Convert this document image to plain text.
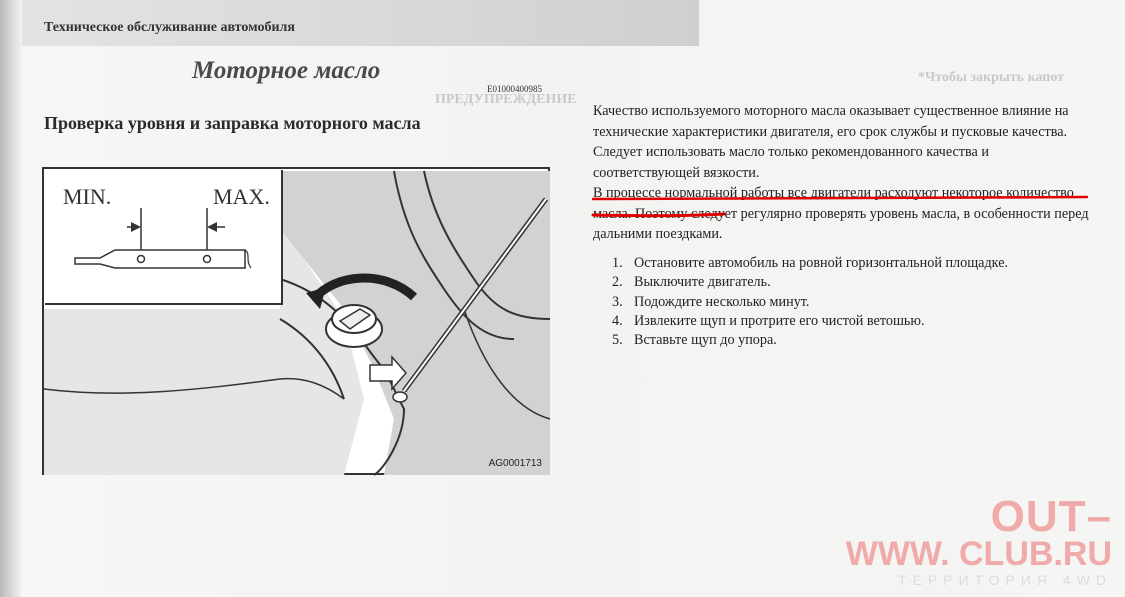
ПРЕДУПРЕЖДЕНИЕ
*Чтобы закрыть капот
Техническое обслуживание автомобиля
Моторное масло
E01000400985
Проверка уровня и заправка моторного масла
MIN.	MAX.
AG0001713

Качество используемого моторного масла оказывает существенное влияние на технические характеристики двигателя, его срок службы и пусковые качества. Следует использовать масло только рекомендованного качества и соответствующей вязкости.

В процессе нормальной работы все двигатели расходуют некоторое количество масла. Поэтому следует регулярно проверять уровень масла, в особенности перед дальними поездками.

1. Остановите автомобиль на ровной горизонтальной площадке.
2. Выключите двигатель.
3. Подождите несколько минут.
4. Извлеките щуп и протрите его чистой ветошью.
5. Вставьте щуп до упора.
OUT–
WWW. CLUB.RU
ТЕРРИТОРИЯ 4WD
